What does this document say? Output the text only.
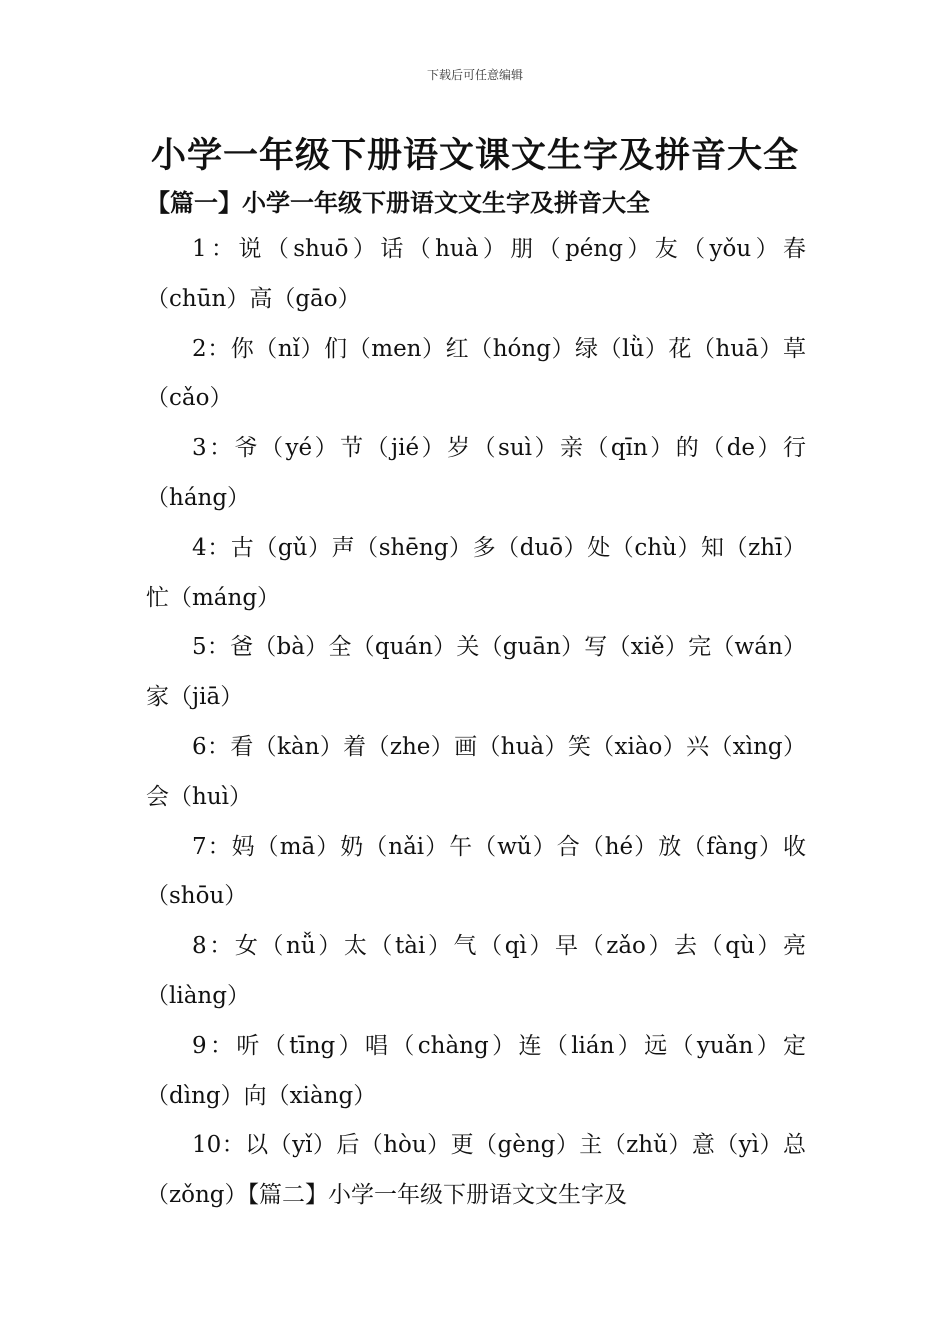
下载后可任意编辑
小学一年级下册语文课文生字及拼音大全
【篇一】小学一年级下册语文文生字及拼音大全

1：说（shuō）话（huà）朋（péng）友（yǒu）春（chūn）高（gāo）

2：你（nǐ）们（men）红（hóng）绿（lǜ）花（huā）草（cǎo）

3：爷（yé）节（jié）岁（suì）亲（qīn）的（de）行（háng）

4：古（gǔ）声（shēng）多（duō）处（chù）知（zhī）忙（máng）

5：爸（bà）全（quán）关（guān）写（xiě）完（wán）家（jiā）

6：看（kàn）着（zhe）画（huà）笑（xiào）兴（xìng）会（huì）

7：妈（mā）奶（nǎi）午（wǔ）合（hé）放（fàng）收（shōu）

8：女（nǚ）太（tài）气（qì）早（zǎo）去（qù）亮（liàng）

9：听（tīng）唱（chàng）连（lián）远（yuǎn）定（dìng）向（xiàng）

10：以（yǐ）后（hòu）更（gèng）主（zhǔ）意（yì）总（zǒng）【篇二】小学一年级下册语文文生字及
